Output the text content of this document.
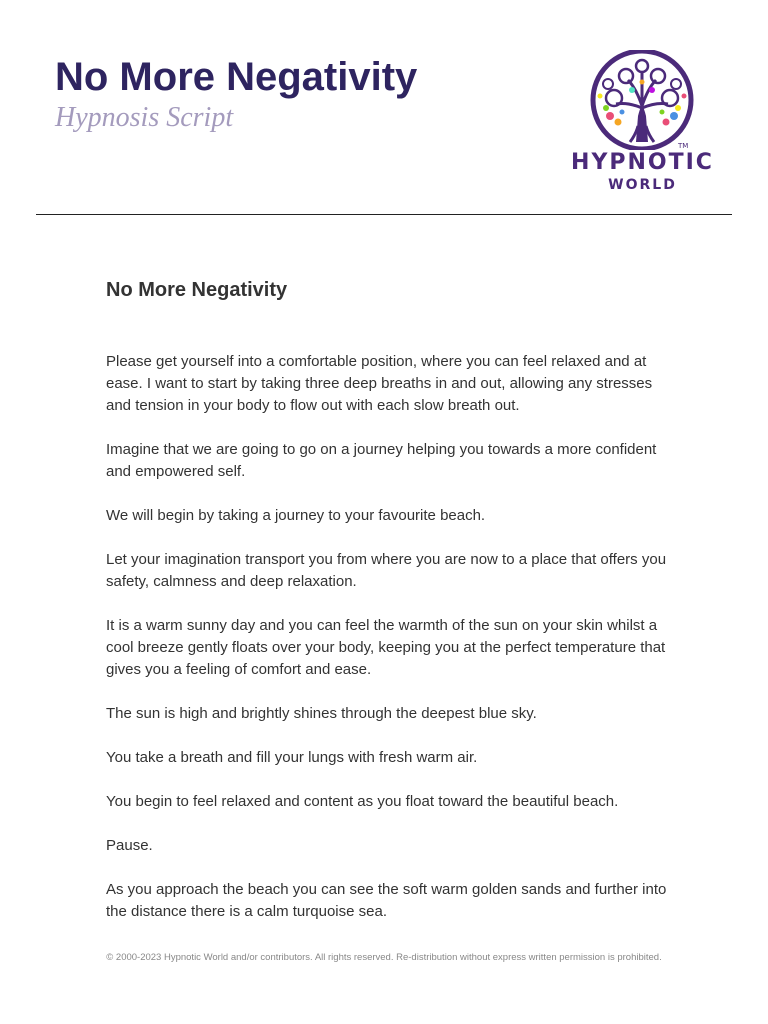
No More Negativity
Hypnosis Script
TM
HYPNOTIC
WORLD
No More Negativity

Please get yourself into a comfortable position, where you can feel relaxed and at ease. I want to start by taking three deep breaths in and out, allowing any stresses and tension in your body to flow out with each slow breath out.

Imagine that we are going to go on a journey helping you towards a more confident and empowered self.

We will begin by taking a journey to your favourite beach.

Let your imagination transport you from where you are now to a place that offers you safety, calmness and deep relaxation.

It is a warm sunny day and you can feel the warmth of the sun on your skin whilst a cool breeze gently floats over your body, keeping you at the perfect temperature that gives you a feeling of comfort and ease.

The sun is high and brightly shines through the deepest blue sky.

You take a breath and fill your lungs with fresh warm air.

You begin to feel relaxed and content as you float toward the beautiful beach.

Pause.

As you approach the beach you can see the soft warm golden sands and further into the distance there is a calm turquoise sea.

© 2000-2023 Hypnotic World and/or contributors. All rights reserved. Re-distribution without express written permission is prohibited.
